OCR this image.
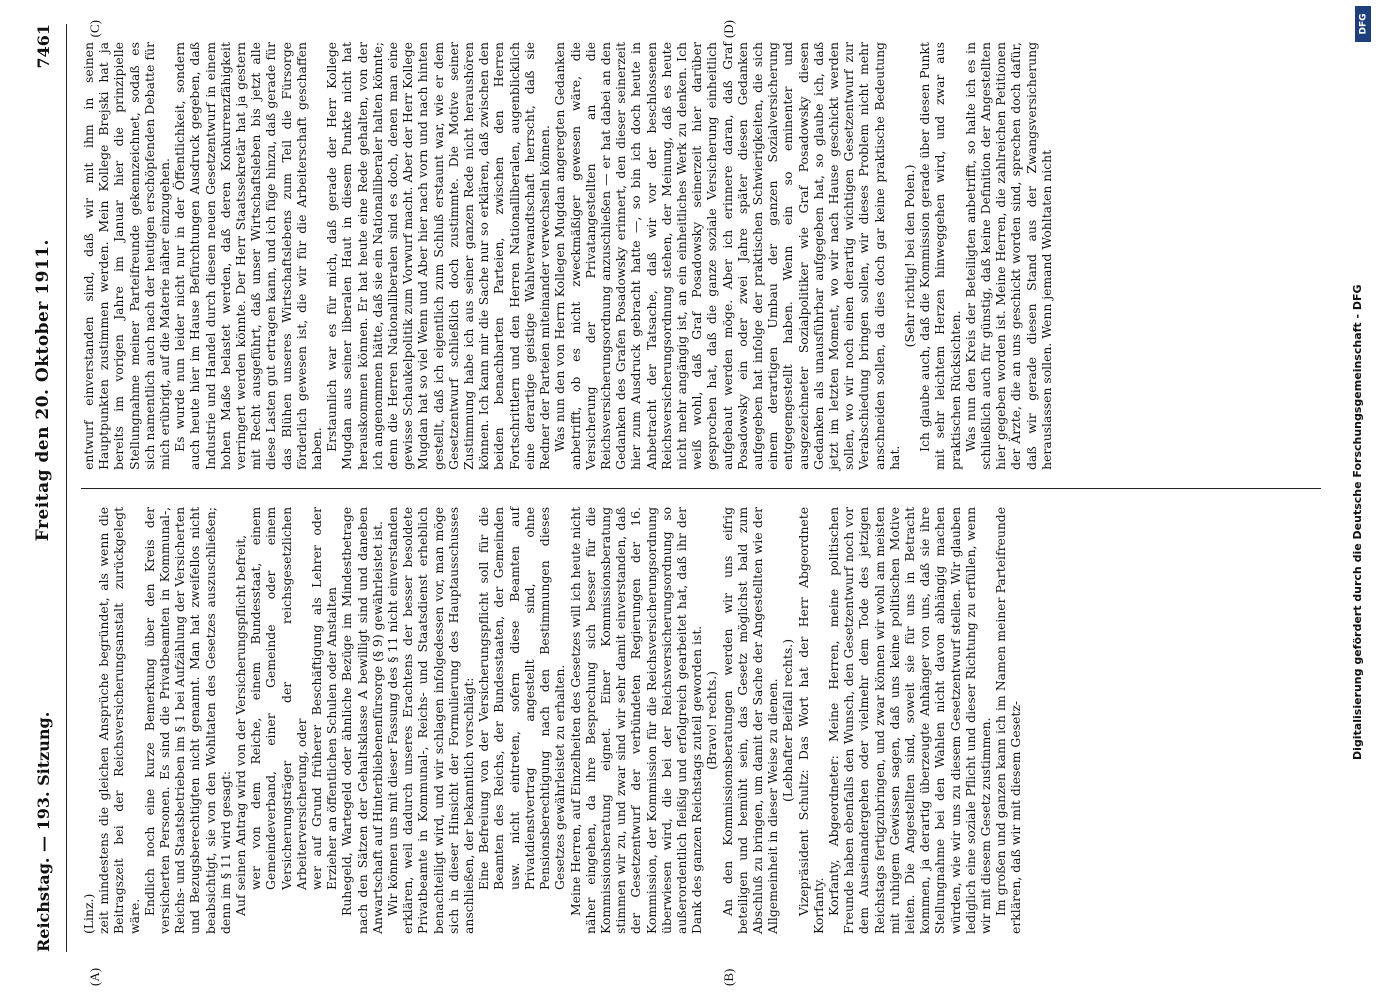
Reichstag. — 193. Sitzung.
Freitag den 20. Oktober 1911.
7461
(A)	(B)

(Linz.) zeit mindestens die gleichen Ansprüche begründet, als wenn die Beitragszeit bei der Reichsversicherungsanstalt zurückgelegt wäre.

Endlich noch eine kurze Bemerkung über den Kreis der versicherten Personen. Es sind die Privatbeamten in Kommunal-, Reichs- und Staatsbetrieben im § 1 bei Aufzählung der Versicherten und Bezugsberechtigten nicht genannt. Man hat zweifellos nicht beabsichtigt, sie von den Wohltaten des Gesetzes auszuschließen; denn im § 11 wird gesagt: Auf seinen Antrag wird von der Versicherungspflicht befreit, wer von dem Reiche, einem Bundesstaat, einem Gemeindeverband, einer Gemeinde oder einem Versicherungsträger der reichsgesetzlichen Arbeiterversicherung, oder wer auf Grund früherer Beschäftigung als Lehrer oder Erzieher an öffentlichen Schulen oder Anstalten Ruhegeld, Wartegeld oder ähnliche Bezüge im Mindestbetrage nach den Sätzen der Gehaltsklasse A bewilligt sind und daneben Anwartschaft auf Hinterbliebenenfürsorge (§ 9) gewährleistet ist. Wir können uns mit dieser Fassung des § 11 nicht einverstanden erklären, weil dadurch unseres Erachtens der besser besoldete Privatbeamte in Kommunal-, Reichs- und Staatsdienst erheblich benachteiligt wird, und wir schlagen infolgedessen vor, man möge sich in dieser Hinsicht der Formulierung des Hauptausschusses anschließen, der bekanntlich vorschlägt: Eine Befreiung von der Versicherungspflicht soll für die Beamten des Reichs, der Bundesstaaten, der Gemeinden usw. nicht eintreten, sofern diese Beamten auf Privatdienstvertrag angestellt sind, ohne Pensionsberechtigung nach den Bestimmungen dieses Gesetzes gewährleistet zu erhalten. Meine Herren, auf Einzelheiten des Gesetzes will ich heute nicht näher eingehen, da ihre Besprechung sich besser für die Kommissionsberatung eignet. Einer Kommissionsberatung stimmen wir zu, und zwar sind wir sehr damit einverstanden, daß der Gesetzentwurf der verbündeten Regierungen der 16. Kommission, der Kommission für die Reichsversicherungsordnung überwiesen wird, die bei der Reichsversicherungsordnung so außerordentlich fleißig und erfolgreich gearbeitet hat, daß ihr der Dank des ganzen Reichstags zuteil geworden ist. (Bravo! rechts.) An den Kommissionsberatungen werden wir uns eifrig beteiligen und bemüht sein, das Gesetz möglichst bald zum Abschluß zu bringen, um damit der Sache der Angestellten wie der Allgemeinheit in dieser Weise zu dienen. (Lebhafter Beifall rechts.) Vizepräsident Schultz: Das Wort hat der Herr Abgeordnete Korfanty. Korfanty, Abgeordneter: Meine Herren, meine politischen Freunde haben ebenfalls den Wunsch, den Gesetzentwurf noch vor dem Auseinandergehen oder vielmehr dem Tode des jetzigen Reichstags fertigzubringen, und zwar können wir wohl am meisten mit ruhigem Gewissen sagen, daß uns keine politischen Motive leiten. Die Angestellten sind, soweit sie für uns in Betracht kommen, ja derartig überzeugte Anhänger von uns, daß sie ihre Stellungnahme bei den Wahlen nicht davon abhängig machen würden, wie wir uns zu diesem Gesetzentwurf stellen. Wir glauben lediglich eine soziale Pflicht und dieser Richtung zu erfüllen, wenn wir mit diesem Gesetz zustimmen. Im großen und ganzen kann ich im Namen meiner Parteifreunde erklären, daß wir mit diesem Gesetz-

(C)	(D)

entwurf einverstanden sind, daß wir mit ihm in seinen Hauptpunkten zustimmen werden. Mein Kollege Brejski hat ja bereits im vorigen Jahre im Januar hier die prinzipielle Stellungnahme meiner Parteifreunde gekennzeichnet, sodaß es sich namentlich auch nach der heutigen erschöpfenden Debatte für mich erübrigt, auf die Materie näher einzugehen. Es wurde nun leider nicht nur in der Öffentlichkeit, sondern auch heute hier im Hause Befürchtungen Ausdruck gegeben, daß Industrie und Handel durch diesen neuen Gesetzentwurf in einem hohen Maße belastet werden, daß deren Konkurrenzfähigkeit verringert werden könnte. Der Herr Staatssekretär hat ja gestern mit Recht ausgeführt, daß unser Wirtschaftsleben bis jetzt alle diese Lasten gut ertragen kann, und ich füge hinzu, daß gerade für das Blühen unseres Wirtschaftslebens zum Teil die Fürsorge förderlich gewesen ist, die wir für die Arbeiterschaft geschaffen haben. Erstaunlich war es für mich, daß gerade der Herr Kollege Mugdan aus seiner liberalen Haut in diesem Punkte nicht hat herauskommen können. Er hat heute eine Rede gehalten, von der ich angenommen hätte, daß sie ein Nationalliberaler halten könnte; denn die Herren Nationalliberalen sind es doch, denen man eine gewisse Schaukelpolitik zum Vorwurf macht. Aber der Herr Kollege Mugdan hat so viel Wenn und Aber hier nach vorn und nach hinten gestellt, daß ich eigentlich zum Schluß erstaunt war, wie er dem Gesetzentwurf schließlich doch zustimmte. Die Motive seiner Zustimmung habe ich aus seiner ganzen Rede nicht heraushören können. Ich kann mir die Sache nur so erklären, daß zwischen den beiden benachbarten Parteien, zwischen den Herren Fortschrittlern und den Herren Nationalliberalen, augenblicklich eine derartige geistige Wahlverwandtschaft herrscht, daß sie Redner der Parteien miteinander verwechseln können. Was nun den von Herrn Kollegen Mugdan angeregten Gedanken anbetrifft, ob es nicht zweckmäßiger gewesen wäre, die Versicherung der Privatangestellten an die Reichsversicherungsordnung anzuschließen — er hat dabei an den Gedanken des Grafen Posadowsky erinnert, den dieser seinerzeit hier zum Ausdruck gebracht hatte —, so bin ich doch heute in Anbetracht der Tatsache, daß wir vor der beschlossenen Reichsversicherungsordnung stehen, der Meinung, daß es heute nicht mehr angängig ist, an ein einheitliches Werk zu denken. Ich weiß wohl, daß Graf Posadowsky seinerzeit hier darüber gesprochen hat, daß die ganze soziale Versicherung einheitlich aufgebaut werden möge. Aber ich erinnere daran, daß Graf Posadowsky ein oder zwei Jahre später diesen Gedanken aufgegeben hat infolge der praktischen Schwierigkeiten, die sich einem derartigen Umbau der ganzen Sozialversicherung entgegengestellt haben. Wenn ein so eminenter und ausgezeichneter Sozialpolitiker wie Graf Posadowsky diesen Gedanken als unausführbar aufgegeben hat, so glaube ich, daß jetzt im letzten Moment, wo wir nach Hause geschickt werden sollen, wo wir noch einen derartig wichtigen Gesetzentwurf zur Verabschiedung bringen sollen, wir dieses Problem nicht mehr anschneiden sollen, da dies doch gar keine praktische Bedeutung hat.

(Sehr richtig! bei den Polen.) Ich glaube auch, daß die Kommission gerade über diesen Punkt mit sehr leichtem Herzen hinweggehen wird, und zwar aus praktischen Rücksichten. Was nun den Kreis der Beteiligten anbetrifft, so halte ich es in schließlich auch für günstig, daß keine Definition der Angestellten hier gegeben worden ist. Meine Herren, die zahlreichen Petitionen der Ärzte, die an uns geschickt worden sind, sprechen doch dafür, daß wir gerade diesen Stand aus der Zwangsversicherung herauslassen sollen. Wenn jemand Wohltaten nicht

DFG
Digitalisierung gefördert durch die Deutsche Forschungsgemeinschaft - DFG
